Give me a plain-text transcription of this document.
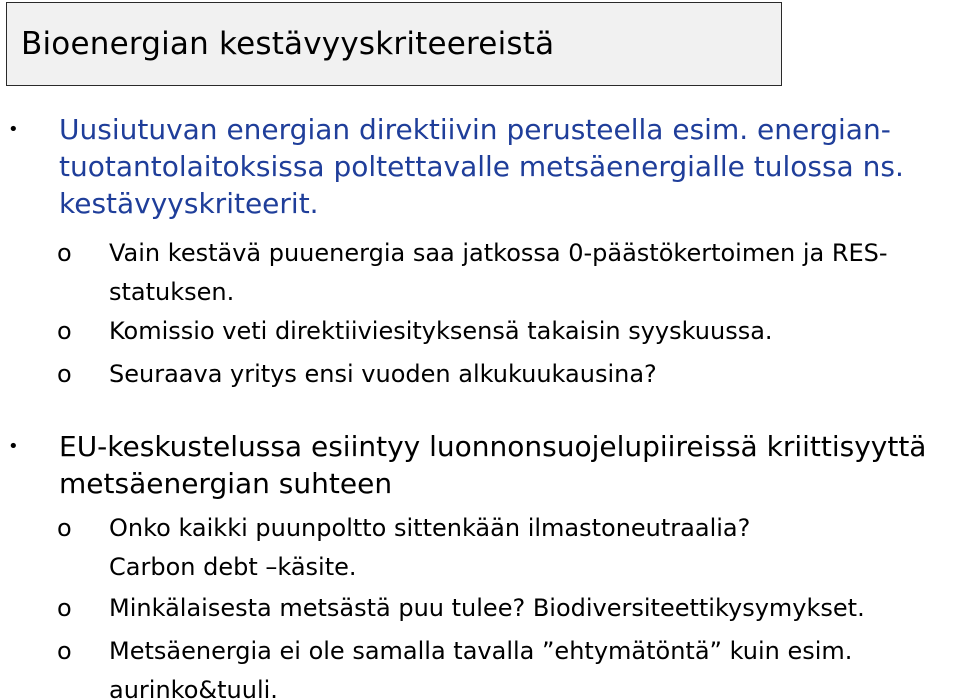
Bioenergian kestävyyskriteereistä
• Uusiutuvan energian direktiivin perusteella esim. energian-
tuotantolaitoksissa poltettavalle metsäenergialle tulossa ns.
kestävyyskriteerit.
o Vain kestävä puuenergia saa jatkossa 0-päästökertoimen ja RES-
statuksen.
o Komissio veti direktiiviesityksensä takaisin syyskuussa.
o Seuraava yritys ensi vuoden alkukuukausina?
• EU-keskustelussa esiintyy luonnonsuojelupiireissä kriittisyyttä
metsäenergian suhteen
o Onko kaikki puunpoltto sittenkään ilmastoneutraalia?
Carbon debt –käsite.
o Minkälaisesta metsästä puu tulee? Biodiversiteettikysymykset.
o Metsäenergia ei ole samalla tavalla ”ehtymätöntä” kuin esim.
aurinko&tuuli.
